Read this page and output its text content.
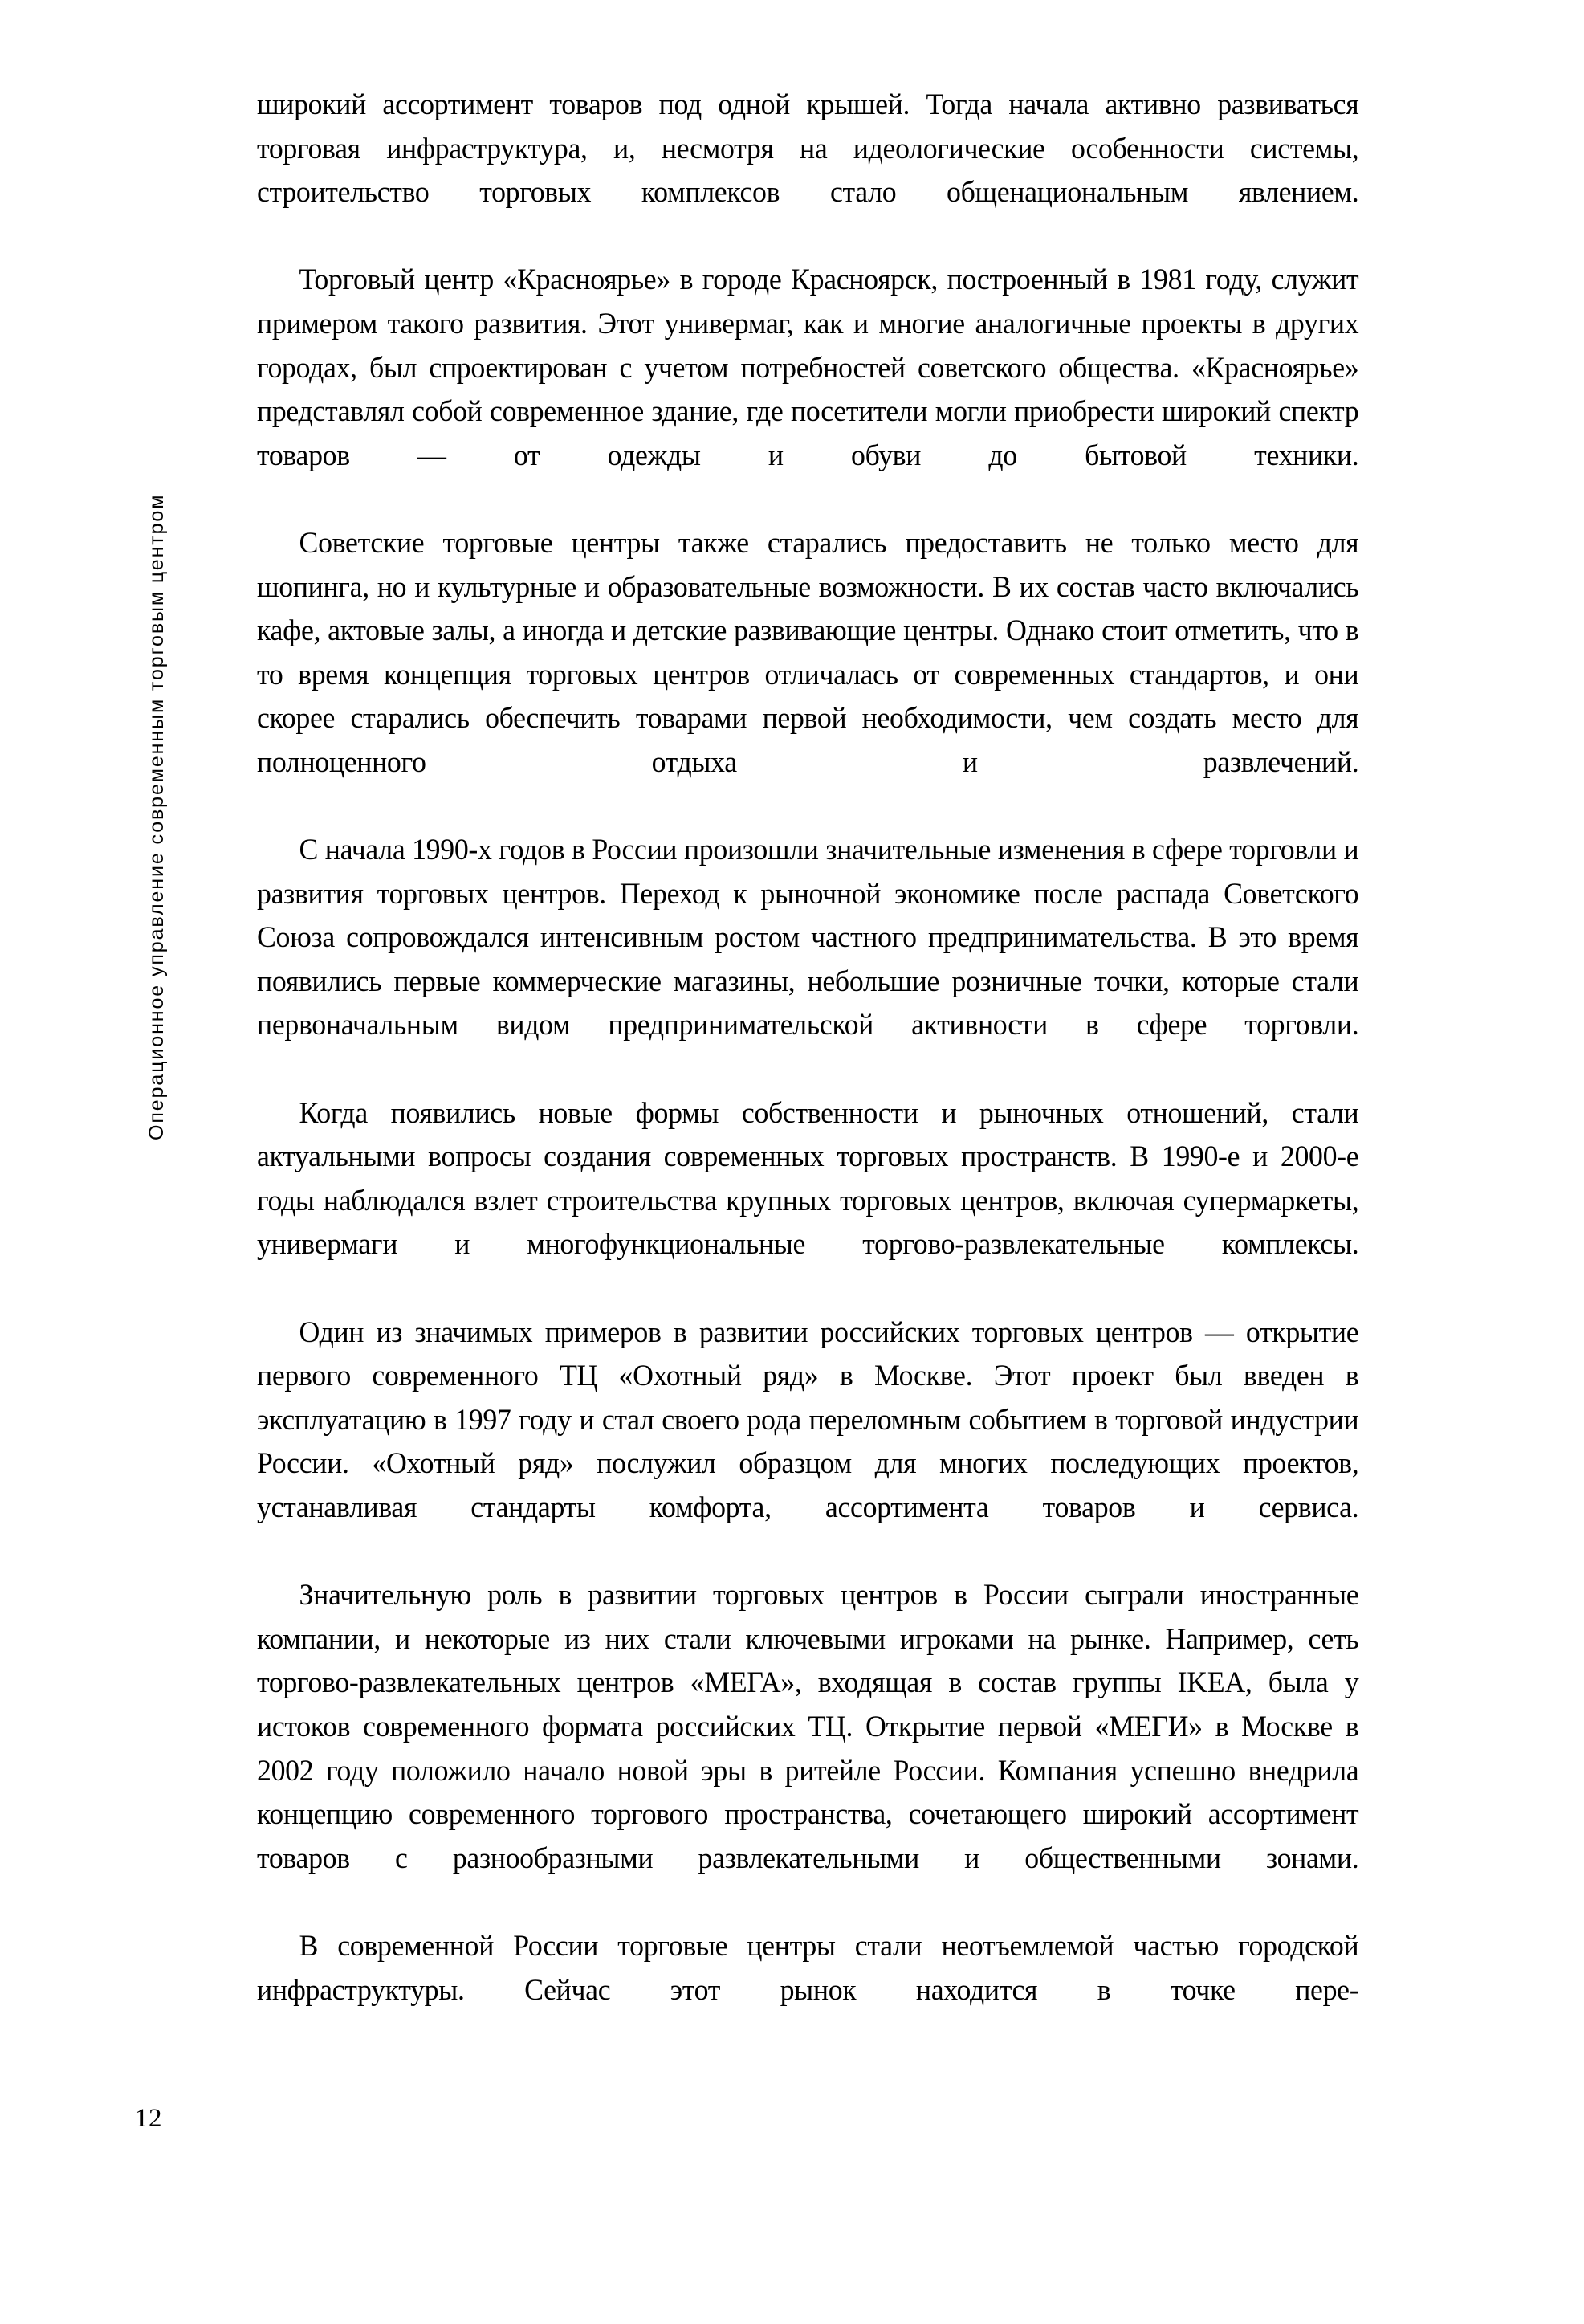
Операционное управление современным торговым центром
12

широкий ассортимент товаров под одной крышей. Тогда начала активно развиваться торговая инфраструктура, и, несмотря на идеологические особенности системы, строительство торговых комплексов стало общенациональным явлением.

Торговый центр «Красноярье» в городе Красноярск, построенный в 1981 году, служит примером такого развития. Этот универмаг, как и многие аналогичные проекты в других городах, был спроектирован с учетом потребностей советского общества. «Красноярье» представлял собой современное здание, где посетители могли приобрести широкий спектр товаров — от одежды и обуви до бытовой техники.

Советские торговые центры также старались предоставить не только место для шопинга, но и культурные и образовательные возможности. В их состав часто включались кафе, актовые залы, а иногда и детские развивающие центры. Однако стоит отметить, что в то время концепция торговых центров отличалась от современных стандартов, и они скорее старались обеспечить товарами первой необходимости, чем создать место для полноценного отдыха и развлечений.

С начала 1990-х годов в России произошли значительные изменения в сфере торговли и развития торговых центров. Переход к рыночной экономике после распада Советского Союза сопровождался интенсивным ростом частного предпринимательства. В это время появились первые коммерческие магазины, небольшие розничные точки, которые стали первоначальным видом предпринимательской активности в сфере торговли.

Когда появились новые формы собственности и рыночных отношений, стали актуальными вопросы создания современных торговых пространств. В 1990-е и 2000-е годы наблюдался взлет строительства крупных торговых центров, включая супермаркеты, универмаги и многофункциональные торгово-развлекательные комплексы.

Один из значимых примеров в развитии российских торговых центров — открытие первого современного ТЦ «Охотный ряд» в Москве. Этот проект был введен в эксплуатацию в 1997 году и стал своего рода переломным событием в торговой индустрии России. «Охотный ряд» послужил образцом для многих последующих проектов, устанавливая стандарты комфорта, ассортимента товаров и сервиса.

Значительную роль в развитии торговых центров в России сыграли иностранные компании, и некоторые из них стали ключевыми игроками на рынке. Например, сеть торгово-развлекательных центров «МЕГА», входящая в состав группы IKEA, была у истоков современного формата российских ТЦ. Открытие первой «МЕГИ» в Москве в 2002 году положило начало новой эры в ритейле России. Компания успешно внедрила концепцию современного торгового пространства, сочетающего широкий ассортимент товаров с разнообразными развлекательными и общественными зонами.

В современной России торговые центры стали неотъемлемой частью городской инфраструктуры. Сейчас этот рынок находится в точке пере-
